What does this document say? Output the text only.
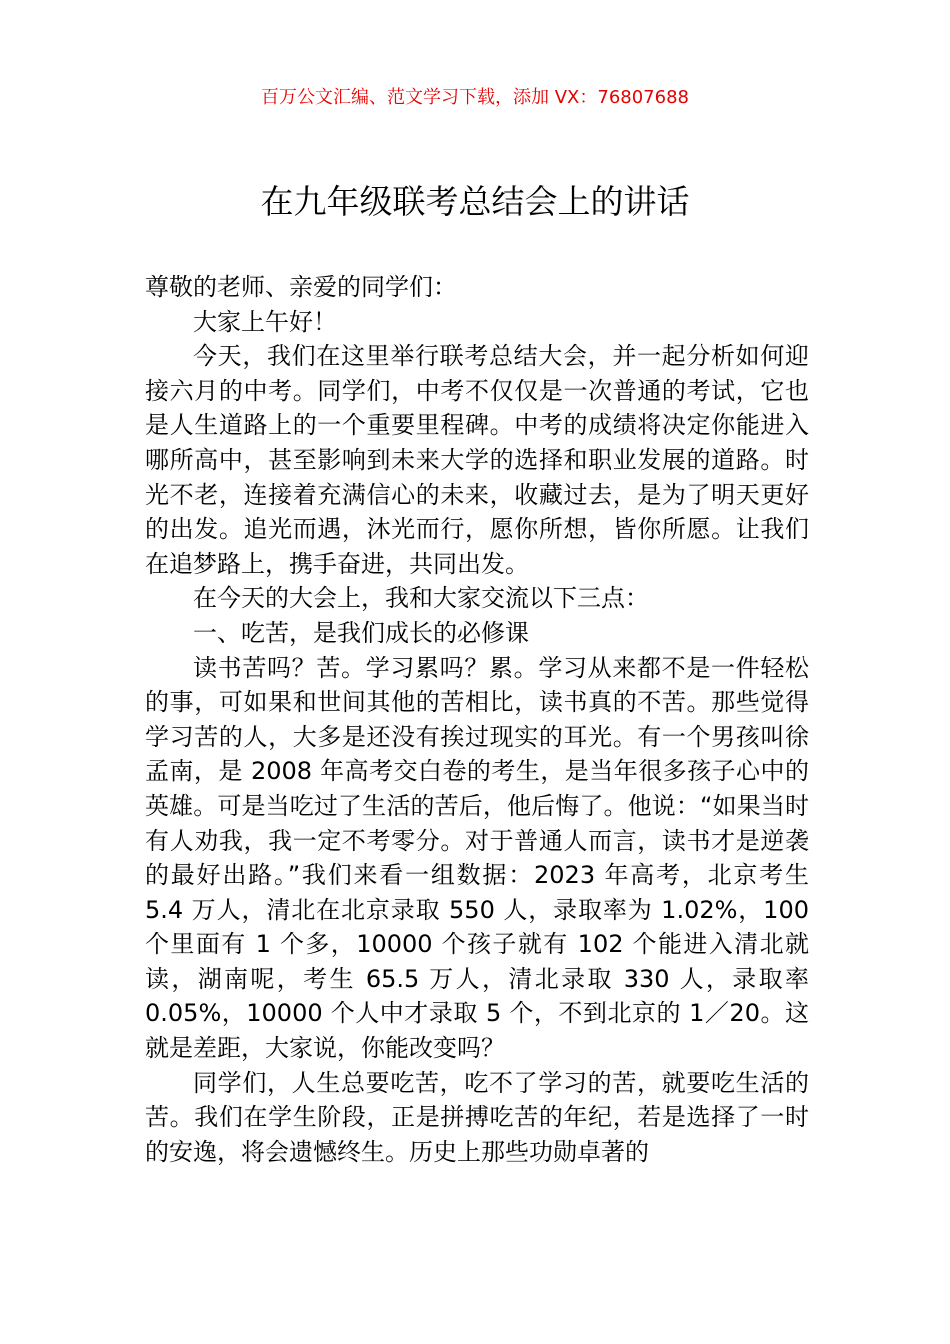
百万公文汇编、范文学习下载，添加 VX：76807688
在九年级联考总结会上的讲话

尊敬的老师、亲爱的同学们：

大家上午好！

今天，我们在这里举行联考总结大会，并一起分析如何迎接六月的中考。同学们，中考不仅仅是一次普通的考试，它也是人生道路上的一个重要里程碑。中考的成绩将决定你能进入哪所高中，甚至影响到未来大学的选择和职业发展的道路。时光不老，连接着充满信心的未来，收藏过去，是为了明天更好的出发。追光而遇，沐光而行，愿你所想，皆你所愿。让我们在追梦路上，携手奋进，共同出发。

在今天的大会上，我和大家交流以下三点：

一、吃苦，是我们成长的必修课

读书苦吗？苦。学习累吗？累。学习从来都不是一件轻松的事，可如果和世间其他的苦相比，读书真的不苦。那些觉得学习苦的人，大多是还没有挨过现实的耳光。有一个男孩叫徐孟南，是 2008 年高考交白卷的考生，是当年很多孩子心中的英雄。可是当吃过了生活的苦后，他后悔了。他说：“如果当时有人劝我，我一定不考零分。对于普通人而言，读书才是逆袭的最好出路。”我们来看一组数据：2023 年高考，北京考生 5.4 万人，清北在北京录取 550 人，录取率为 1.02%，100 个里面有 1 个多，10000 个孩子就有 102 个能进入清北就读，湖南呢，考生 65.5 万人，清北录取 330 人，录取率 0.05%，10000 个人中才录取 5 个，不到北京的 1／20。这就是差距，大家说，你能改变吗？

同学们，人生总要吃苦，吃不了学习的苦，就要吃生活的苦。我们在学生阶段，正是拼搏吃苦的年纪，若是选择了一时的安逸，将会遗憾终生。历史上那些功勋卓著的
